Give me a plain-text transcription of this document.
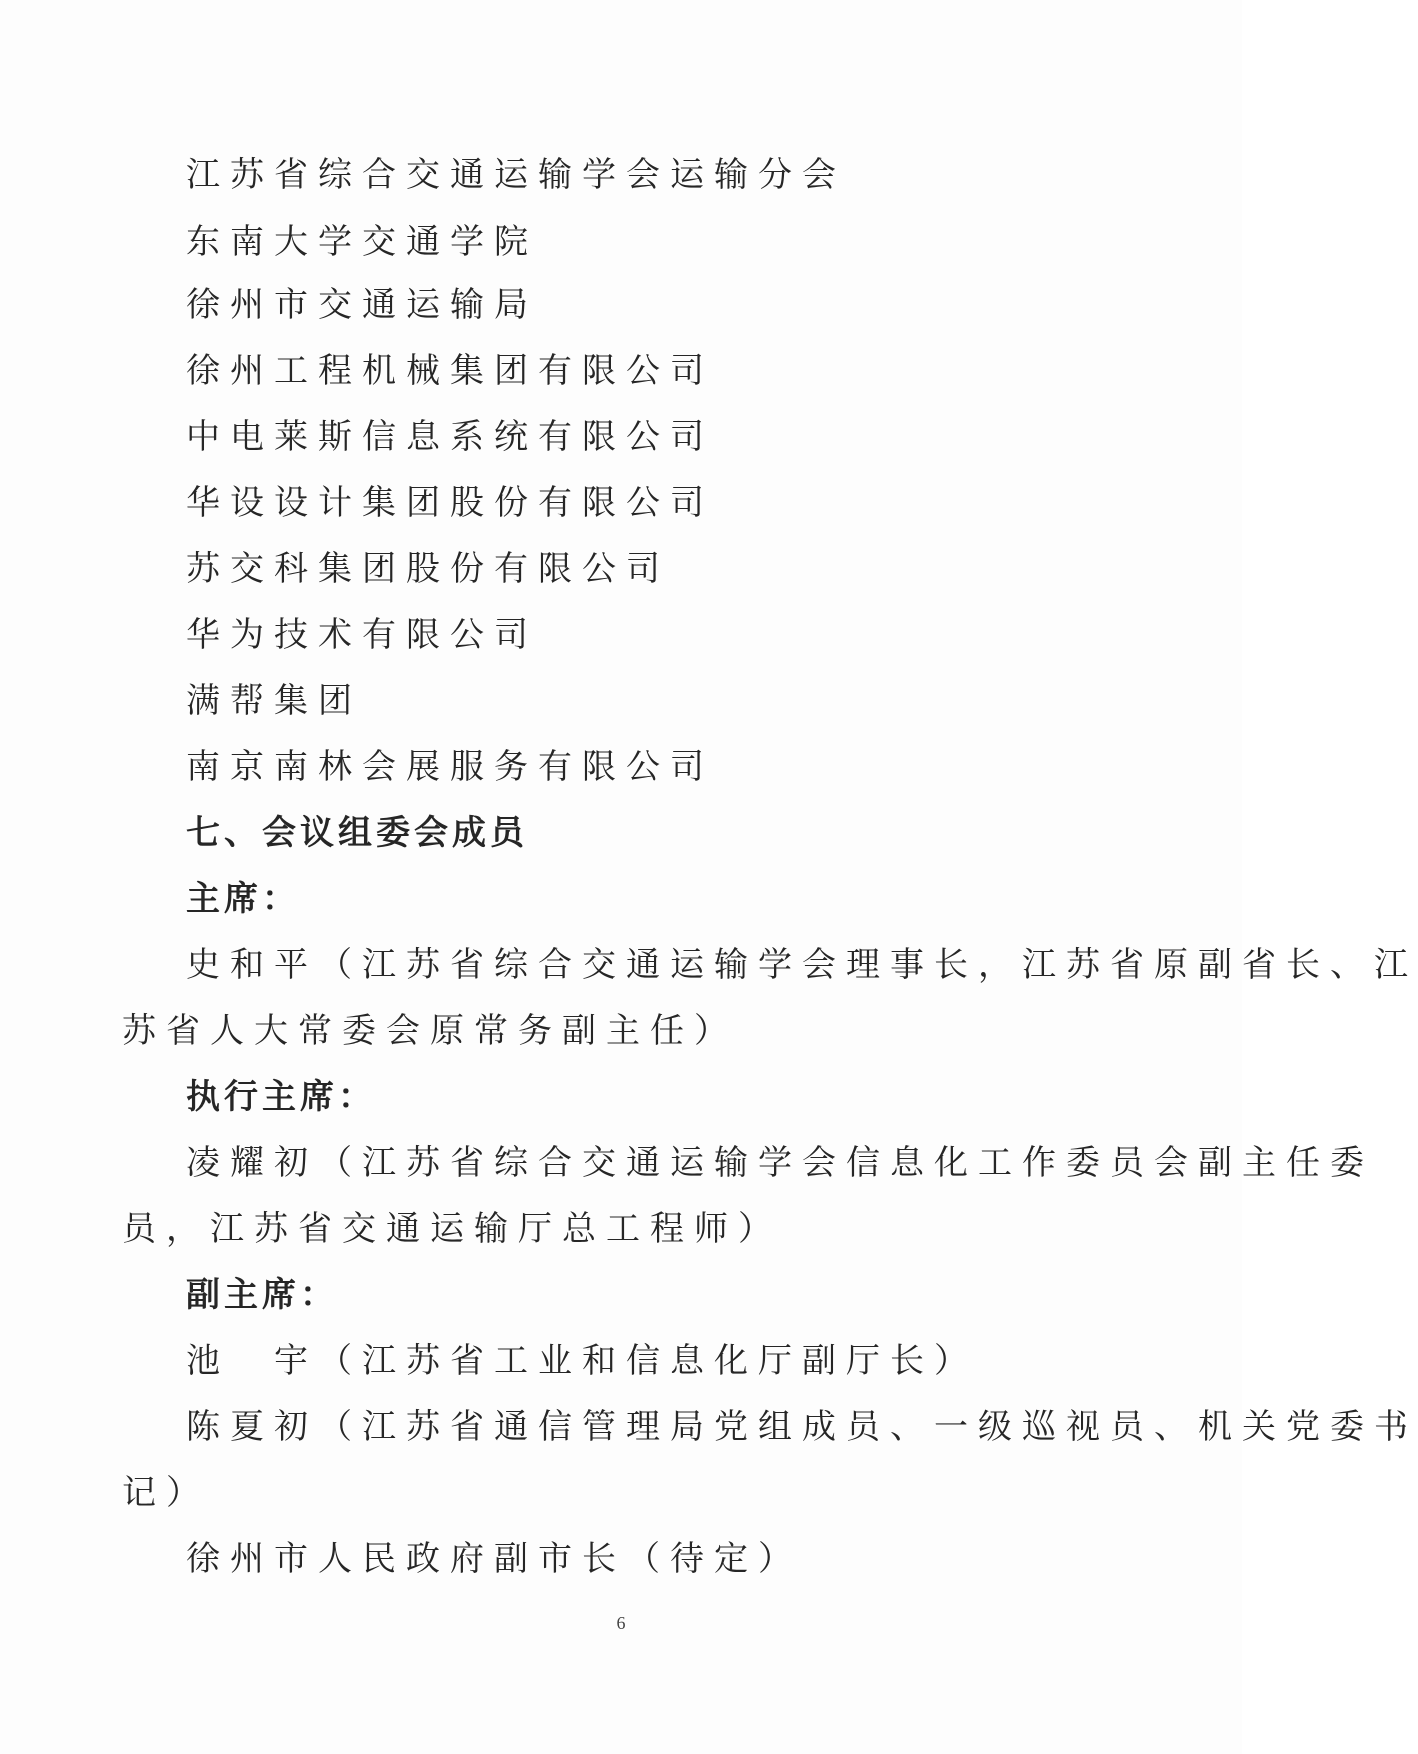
江苏省综合交通运输学会运输分会
东南大学交通学院
徐州市交通运输局
徐州工程机械集团有限公司
中电莱斯信息系统有限公司
华设设计集团股份有限公司
苏交科集团股份有限公司
华为技术有限公司
满帮集团
南京南林会展服务有限公司
七、会议组委会成员
主席：
史和平（江苏省综合交通运输学会理事长，江苏省原副省长、江
苏省人大常委会原常务副主任）
执行主席：
凌耀初（江苏省综合交通运输学会信息化工作委员会副主任委
员，江苏省交通运输厅总工程师）
副主席：
池　宇（江苏省工业和信息化厅副厅长）
陈夏初（江苏省通信管理局党组成员、一级巡视员、机关党委书
记）
徐州市人民政府副市长（待定）
6
